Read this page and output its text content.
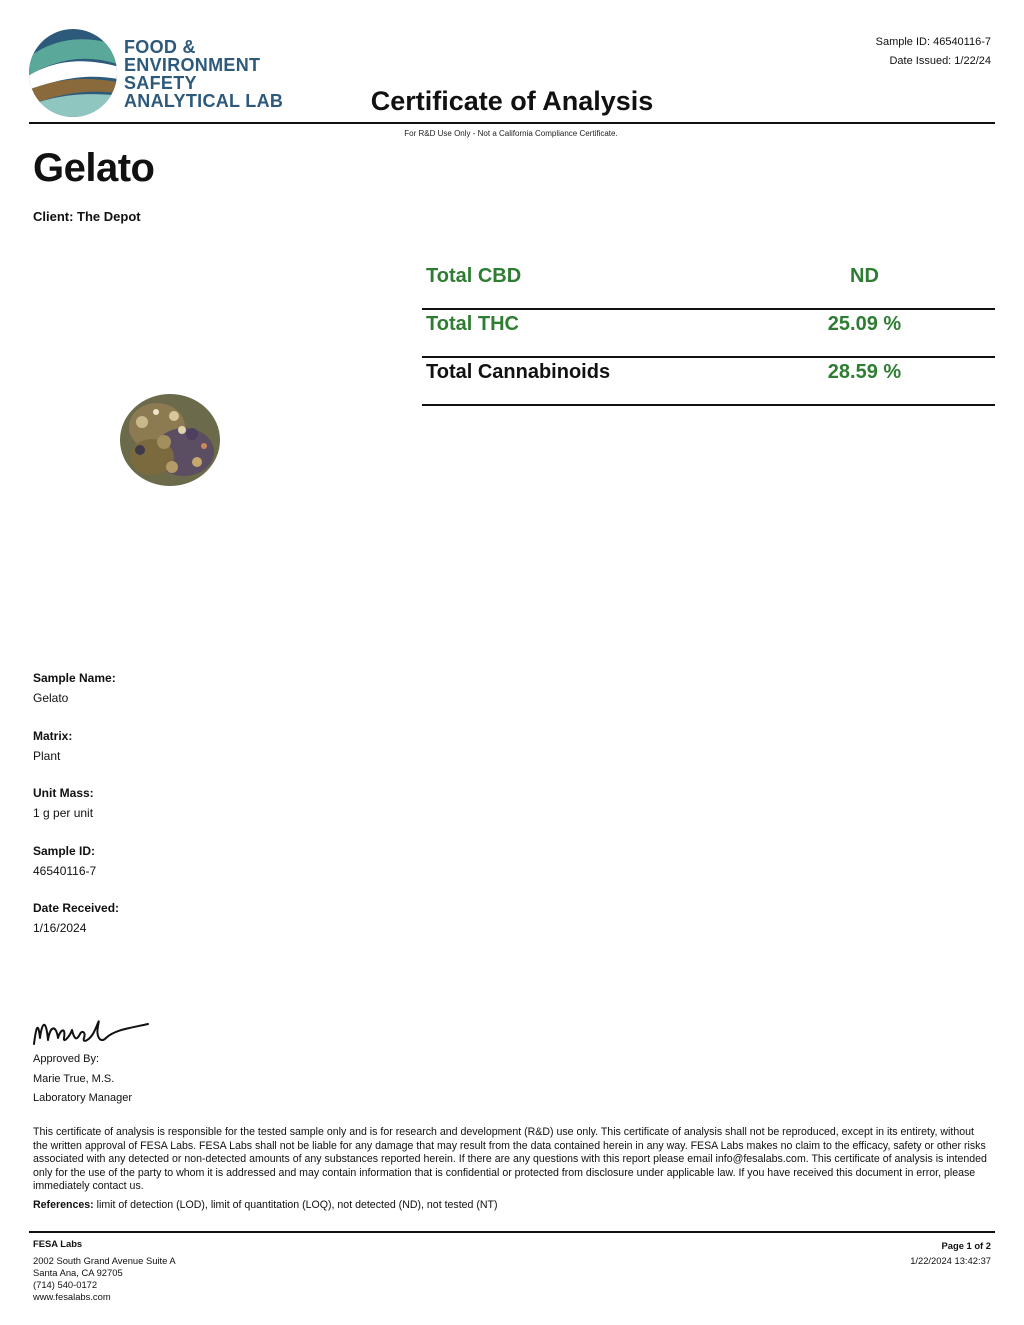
FOOD &
ENVIRONMENT
SAFETY
ANALYTICAL LAB
Sample ID: 46540116-7
Date Issued: 1/22/24
Certificate of Analysis
For R&D Use Only - Not a California Compliance Certificate.
Gelato
Client: The Depot
Total CBD	ND
Total THC	25.09 %
Total Cannabinoids	28.59 %
Sample Name:
Gelato
Matrix:
Plant
Unit Mass:
1 g per unit
Sample ID:
46540116-7
Date Received:
1/16/2024
Approved By:
Marie True, M.S.
Laboratory Manager
This certificate of analysis is responsible for the tested sample only and is for research and development (R&D) use only. This certificate of analysis shall not be reproduced, except in its entirety, without the written approval of FESA Labs. FESA Labs shall not be liable for any damage that may result from the data contained herein in any way. FESA Labs makes no claim to the efficacy, safety or other risks associated with any detected or non-detected amounts of any substances reported herein. If there are any questions with this report please email info@fesalabs.com. This certificate of analysis is intended only for the use of the party to whom it is addressed and may contain information that is confidential or protected from disclosure under applicable law. If you have received this document in error, please immediately contact us.
References: limit of detection (LOD), limit of quantitation (LOQ), not detected (ND), not tested (NT)
FESA Labs
2002 South Grand Avenue Suite A
Santa Ana, CA 92705
(714) 540-0172
www.fesalabs.com
Page 1 of 2
1/22/2024 13:42:37
